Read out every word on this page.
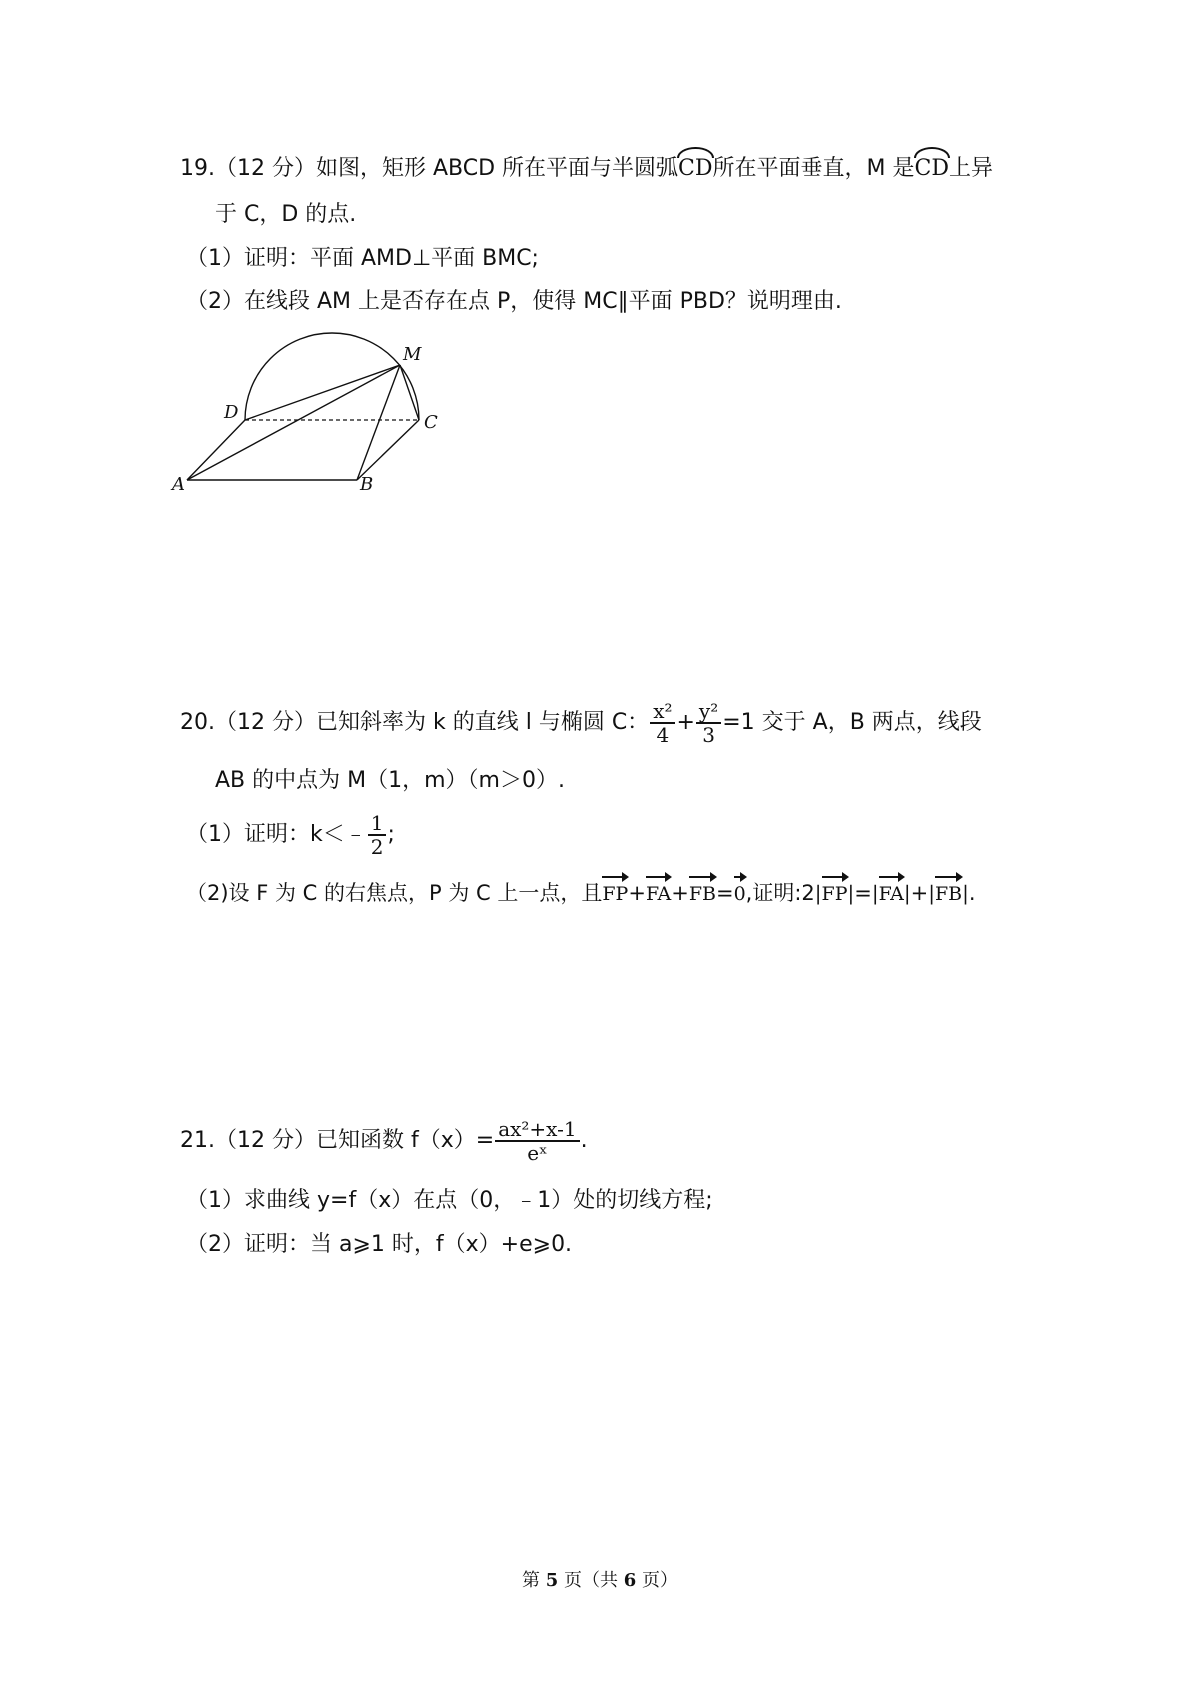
19.（12 分）如图，矩形 ABCD 所在平面与半圆弧CD所在平面垂直，M 是CD上异
于 C，D 的点.
（1）证明：平面 AMD⊥平面 BMC;
（2）在线段 AM 上是否存在点 P，使得 MC∥平面 PBD？说明理由.
A	B
C
D
M
20.（12 分）已知斜率为 k 的直线 l 与椭圆 C： $\frac{\text{x²}}{4} + \frac{\text{y²}}{3} =1$ 交于 A，B 两点，线段
AB 的中点为 M（1，m）（m＞0）.
（1）证明：k＜﹣ $\frac{1}{2}$ ;
（2)设 F 为 C 的右焦点，P 为 C 上一点，且FP+FA+FB=0,证明:2|FP|=|FA|+|FB|.
21.（12 分）已知函数 $f(x)= \frac{\text{ax²+x-1}}{\text{eˣ}}$ .
（1）求曲线 y=f（x）在点（0，﹣1）处的切线方程;
（2）证明：当 a⩾1 时，f（x）+e⩾0.
第 5 页（共 6 页）
